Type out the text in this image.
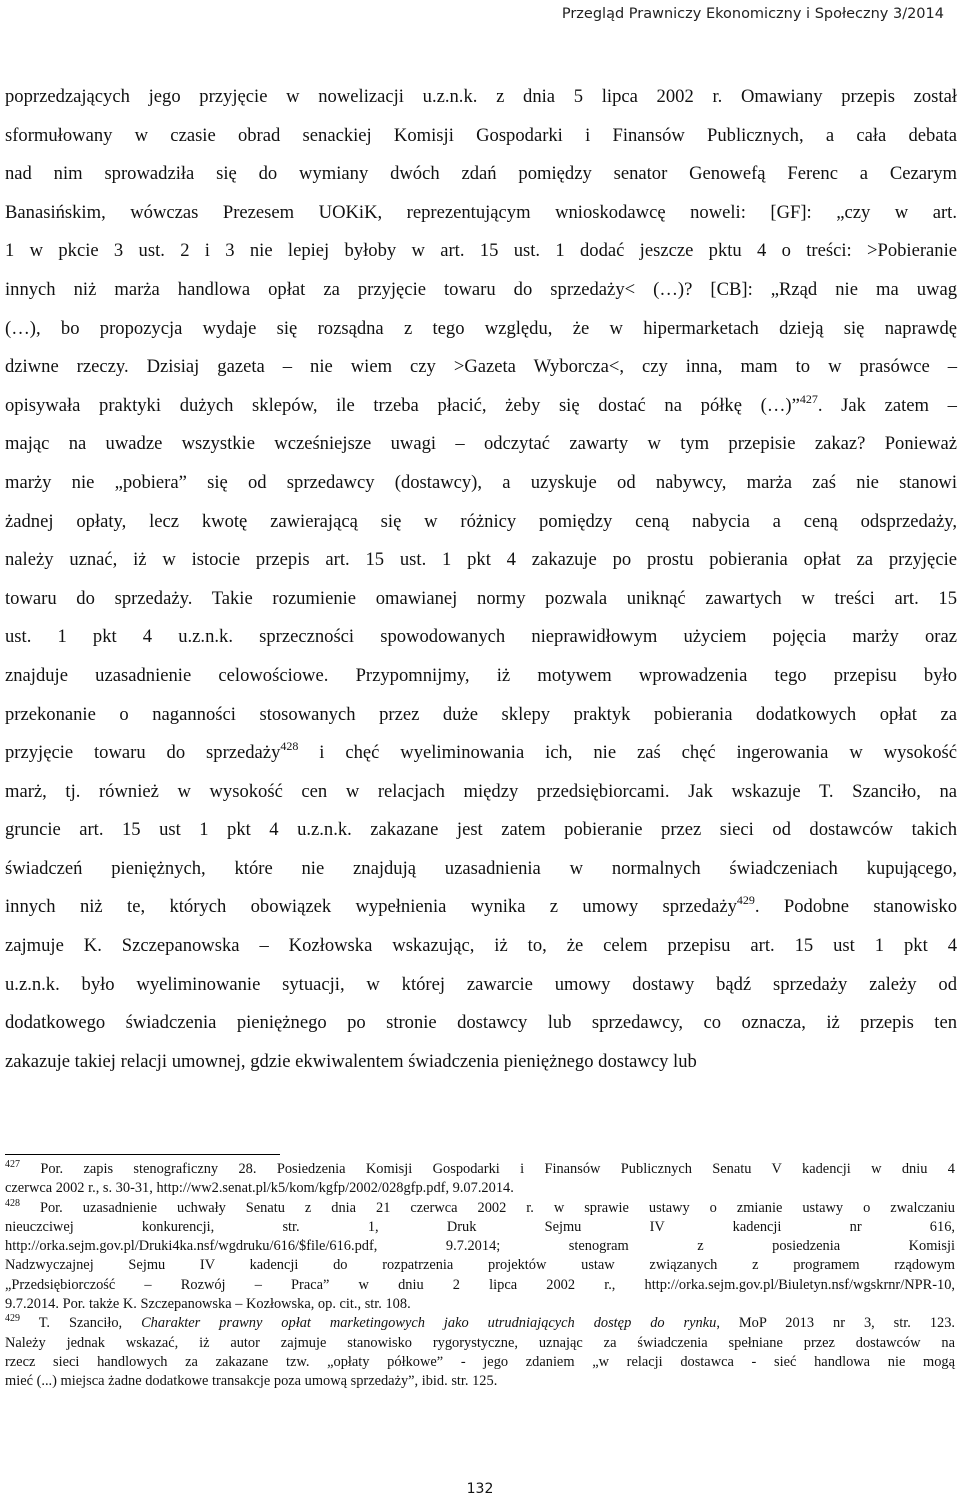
Przegląd Prawniczy Ekonomiczny i Społeczny 3/2014
poprzedzających jego przyjęcie w nowelizacji u.z.n.k. z dnia 5 lipca 2002 r. Omawiany przepis został
sformułowany w czasie obrad senackiej Komisji Gospodarki i Finansów Publicznych, a cała debata
nad nim sprowadziła się do wymiany dwóch zdań pomiędzy senator Genowefą Ferenc a Cezarym
Banasińskim, wówczas Prezesem UOKiK, reprezentującym wnioskodawcę noweli: [GF]: „czy w art.
1 w pkcie 3 ust. 2 i 3 nie lepiej byłoby w art. 15 ust. 1 dodać jeszcze pktu 4 o treści: >Pobieranie
innych niż marża handlowa opłat za przyjęcie towaru do sprzedaży< (…)? [CB]: „Rząd nie ma uwag
(…), bo propozycja wydaje się rozsądna z tego względu, że w hipermarketach dzieją się naprawdę
dziwne rzeczy. Dzisiaj gazeta – nie wiem czy >Gazeta Wyborcza<, czy inna, mam to w prasówce –
opisywała praktyki dużych sklepów, ile trzeba płacić, żeby się dostać na półkę (…)”$^{427}$. Jak zatem –
mając na uwadze wszystkie wcześniejsze uwagi – odczytać zawarty w tym przepisie zakaz? Ponieważ
marży nie „pobiera” się od sprzedawcy (dostawcy), a uzyskuje od nabywcy, marża zaś nie stanowi
żadnej opłaty, lecz kwotę zawierającą się w różnicy pomiędzy ceną nabycia a ceną odsprzedaży,
należy uznać, iż w istocie przepis art. 15 ust. 1 pkt 4 zakazuje po prostu pobierania opłat za przyjęcie
towaru do sprzedaży. Takie rozumienie omawianej normy pozwala uniknąć zawartych w treści art. 15
ust. 1 pkt 4 u.z.n.k. sprzeczności spowodowanych nieprawidłowym użyciem pojęcia marży oraz
znajduje uzasadnienie celowościowe. Przypomnijmy, iż motywem wprowadzenia tego przepisu było
przekonanie o naganności stosowanych przez duże sklepy praktyk pobierania dodatkowych opłat za
przyjęcie towaru do sprzedaży$^{428}$ i chęć wyeliminowania ich, nie zaś chęć ingerowania w wysokość
marż, tj. również w wysokość cen w relacjach między przedsiębiorcami. Jak wskazuje T. Szanciło, na
gruncie art. 15 ust 1 pkt 4 u.z.n.k. zakazane jest zatem pobieranie przez sieci od dostawców takich
świadczeń pieniężnych, które nie znajdują uzasadnienia w normalnych świadczeniach kupującego,
innych niż te, których obowiązek wypełnienia wynika z umowy sprzedaży$^{429}$. Podobne stanowisko
zajmuje K. Szczepanowska – Kozłowska wskazując, iż to, że celem przepisu art. 15 ust 1 pkt 4
u.z.n.k. było wyeliminowanie sytuacji, w której zawarcie umowy dostawy bądź sprzedaży zależy od
dodatkowego świadczenia pieniężnego po stronie dostawcy lub sprzedawcy, co oznacza, iż przepis ten
zakazuje takiej relacji umownej, gdzie ekwiwalentem świadczenia pieniężnego dostawcy lub
$^{427}$ Por. zapis stenograficzny 28. Posiedzenia Komisji Gospodarki i Finansów Publicznych Senatu V kadencji w dniu 4
czerwca 2002 r., s. 30-31, http://ww2.senat.pl/k5/kom/kgfp/2002/028gfp.pdf, 9.07.2014.
$^{428}$ Por. uzasadnienie uchwały Senatu z dnia 21 czerwca 2002 r. w sprawie ustawy o zmianie ustawy o zwalczaniu
nieuczciwej konkurencji, str. 1, Druk Sejmu IV kadencji nr 616,
http://orka.sejm.gov.pl/Druki4ka.nsf/wgdruku/616/$file/616.pdf, 9.7.2014; stenogram z posiedzenia Komisji
Nadzwyczajnej Sejmu IV kadencji do rozpatrzenia projektów ustaw związanych z programem rządowym
„Przedsiębiorczość – Rozwój – Praca” w dniu 2 lipca 2002 r., http://orka.sejm.gov.pl/Biuletyn.nsf/wgskrnr/NPR-10,
9.7.2014. Por. także K. Szczepanowska – Kozłowska, op. cit., str. 108.
$^{429}$ T. Szanciło, Charakter prawny opłat marketingowych jako utrudniających dostęp do rynku, MoP 2013 nr 3, str. 123.
Należy jednak wskazać, iż autor zajmuje stanowisko rygorystyczne, uznając za świadczenia spełniane przez dostawców na
rzecz sieci handlowych za zakazane tzw. „opłaty półkowe” - jego zdaniem „w relacji dostawca - sieć handlowa nie mogą
mieć (...) miejsca żadne dodatkowe transakcje poza umową sprzedaży”, ibid. str. 125.
132
